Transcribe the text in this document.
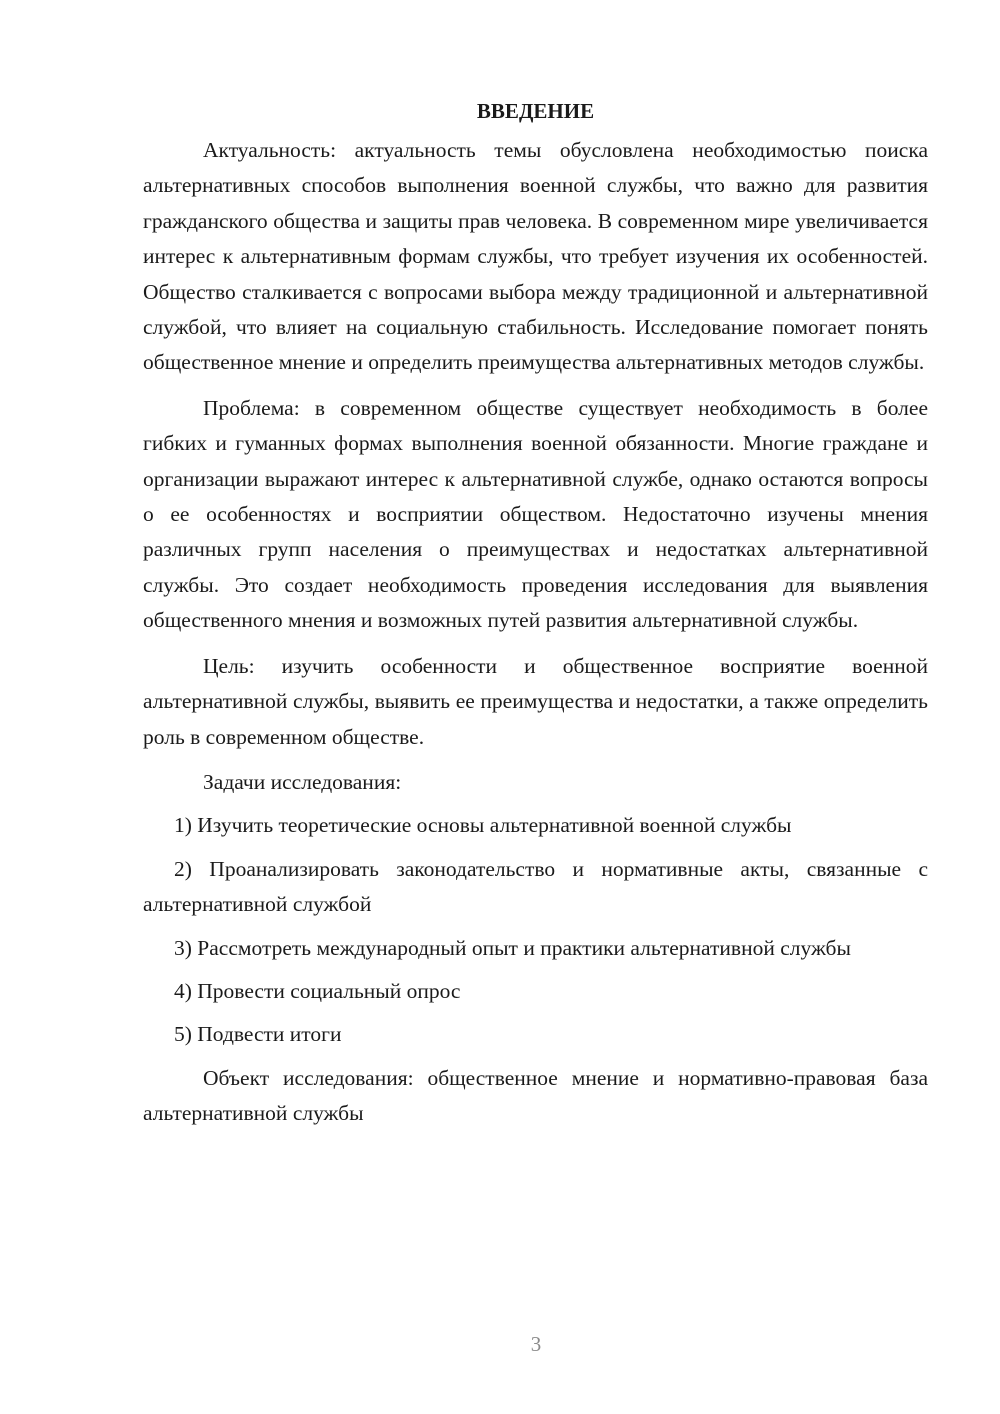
ВВЕДЕНИЕ

Актуальность: актуальность темы обусловлена необходимостью поиска альтернативных способов выполнения военной службы, что важно для развития гражданского общества и защиты прав человека. В современном мире увеличивается интерес к альтернативным формам службы, что требует изучения их особенностей. Общество сталкивается с вопросами выбора между традиционной и альтернативной службой, что влияет на социальную стабильность. Исследование помогает понять общественное мнение и определить преимущества альтернативных методов службы.

Проблема: в современном обществе существует необходимость в более гибких и гуманных формах выполнения военной обязанности. Многие граждане и организации выражают интерес к альтернативной службе, однако остаются вопросы о ее особенностях и восприятии обществом. Недостаточно изучены мнения различных групп населения о преимуществах и недостатках альтернативной службы. Это создает необходимость проведения исследования для выявления общественного мнения и возможных путей развития альтернативной службы.

Цель: изучить особенности и общественное восприятие военной альтернативной службы, выявить ее преимущества и недостатки, а также определить роль в современном обществе.

Задачи исследования:

1) Изучить теоретические основы альтернативной военной службы

2) Проанализировать законодательство и нормативные акты, связанные с альтернативной службой

3) Рассмотреть международный опыт и практики альтернативной службы

4) Провести социальный опрос

5) Подвести итоги

Объект исследования: общественное мнение и нормативно-правовая база альтернативной службы

3
